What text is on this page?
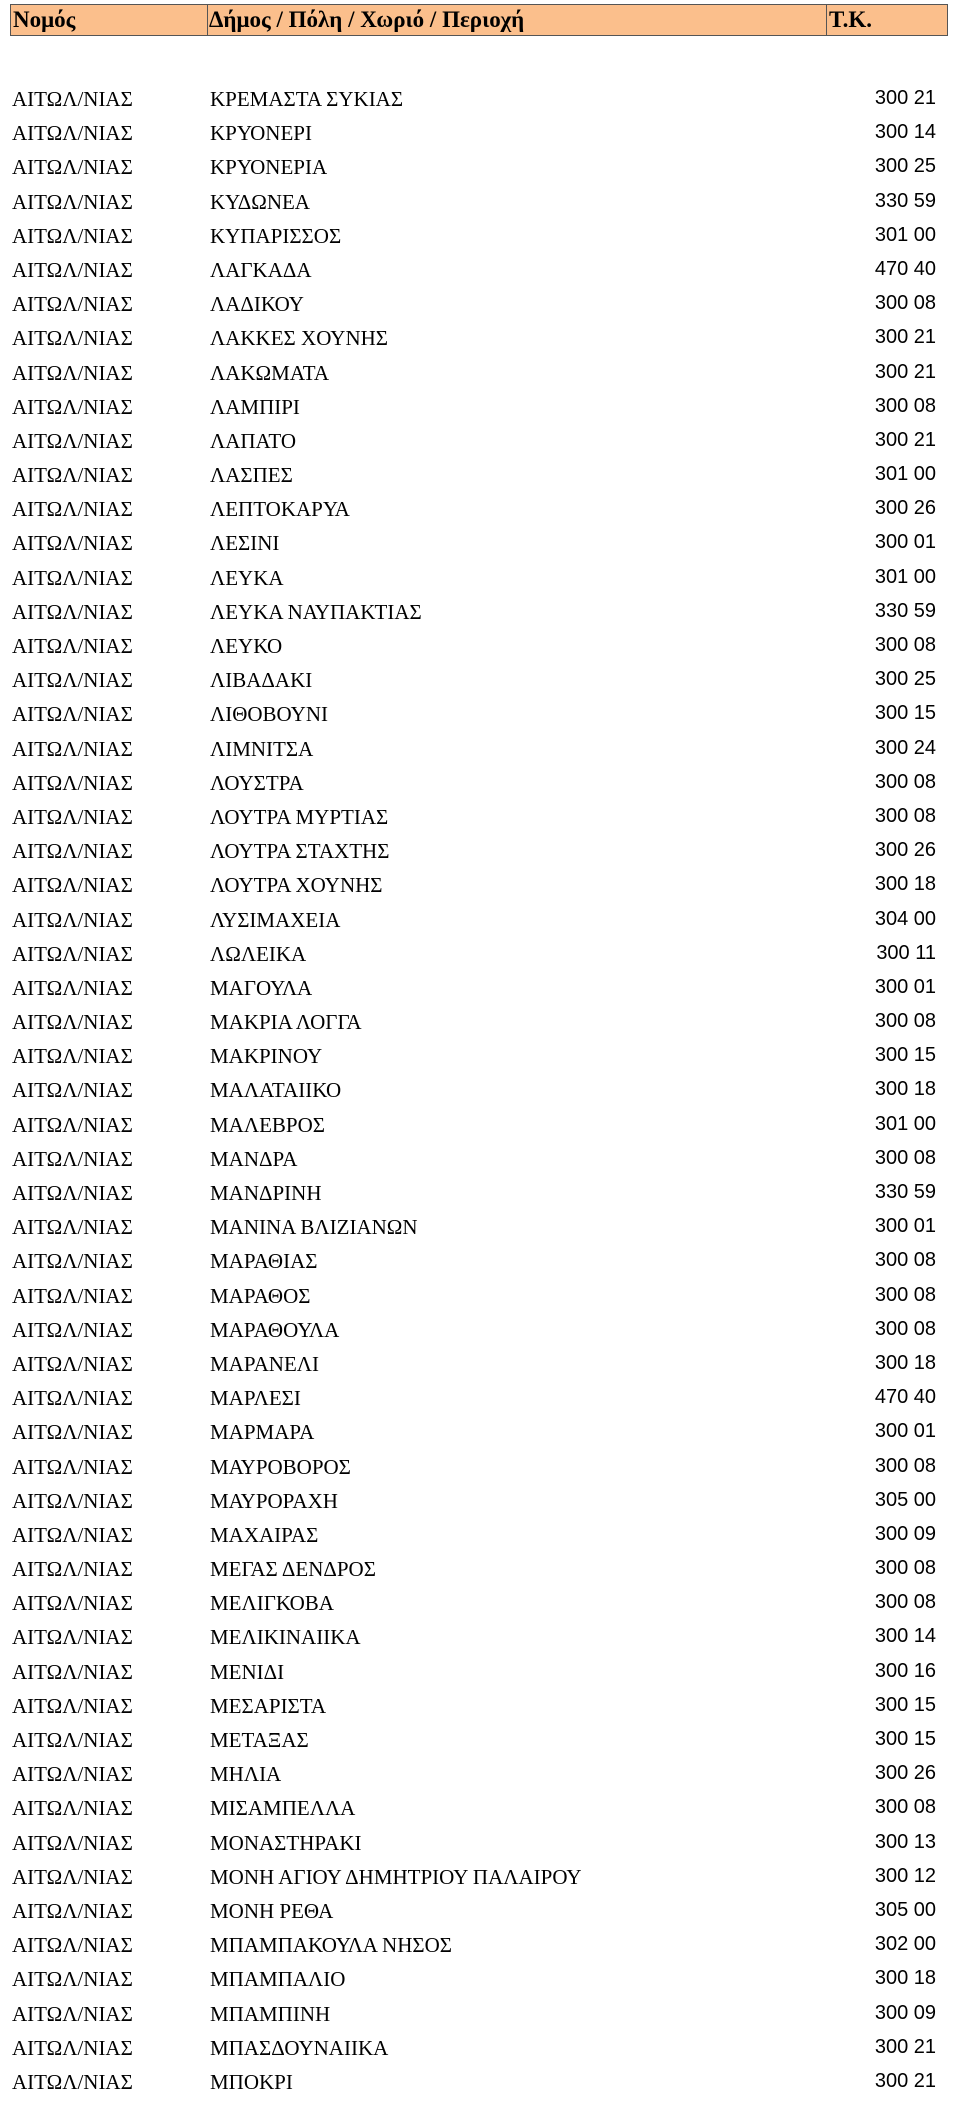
Νομός	Δήμος / Πόλη / Χωριό / Περιοχή	Τ.Κ.
ΑΙΤΩΛ/ΝΙΑΣ	ΚΡΕΜΑΣΤΑ ΣΥΚΙΑΣ	300 21
ΑΙΤΩΛ/ΝΙΑΣ	ΚΡΥΟΝΕΡΙ	300 14
ΑΙΤΩΛ/ΝΙΑΣ	ΚΡΥΟΝΕΡΙΑ	300 25
ΑΙΤΩΛ/ΝΙΑΣ	ΚΥΔΩΝΕΑ	330 59
ΑΙΤΩΛ/ΝΙΑΣ	ΚΥΠΑΡΙΣΣΟΣ	301 00
ΑΙΤΩΛ/ΝΙΑΣ	ΛΑΓΚΑΔΑ	470 40
ΑΙΤΩΛ/ΝΙΑΣ	ΛΑΔΙΚΟΥ	300 08
ΑΙΤΩΛ/ΝΙΑΣ	ΛΑΚΚΕΣ ΧΟΥΝΗΣ	300 21
ΑΙΤΩΛ/ΝΙΑΣ	ΛΑΚΩΜΑΤΑ	300 21
ΑΙΤΩΛ/ΝΙΑΣ	ΛΑΜΠΙΡΙ	300 08
ΑΙΤΩΛ/ΝΙΑΣ	ΛΑΠΑΤΟ	300 21
ΑΙΤΩΛ/ΝΙΑΣ	ΛΑΣΠΕΣ	301 00
ΑΙΤΩΛ/ΝΙΑΣ	ΛΕΠΤΟΚΑΡΥΑ	300 26
ΑΙΤΩΛ/ΝΙΑΣ	ΛΕΣΙΝΙ	300 01
ΑΙΤΩΛ/ΝΙΑΣ	ΛΕΥΚΑ	301 00
ΑΙΤΩΛ/ΝΙΑΣ	ΛΕΥΚΑ ΝΑΥΠΑΚΤΙΑΣ	330 59
ΑΙΤΩΛ/ΝΙΑΣ	ΛΕΥΚΟ	300 08
ΑΙΤΩΛ/ΝΙΑΣ	ΛΙΒΑΔΑΚΙ	300 25
ΑΙΤΩΛ/ΝΙΑΣ	ΛΙΘΟΒΟΥΝΙ	300 15
ΑΙΤΩΛ/ΝΙΑΣ	ΛΙΜΝΙΤΣΑ	300 24
ΑΙΤΩΛ/ΝΙΑΣ	ΛΟΥΣΤΡΑ	300 08
ΑΙΤΩΛ/ΝΙΑΣ	ΛΟΥΤΡΑ ΜΥΡΤΙΑΣ	300 08
ΑΙΤΩΛ/ΝΙΑΣ	ΛΟΥΤΡΑ ΣΤΑΧΤΗΣ	300 26
ΑΙΤΩΛ/ΝΙΑΣ	ΛΟΥΤΡΑ ΧΟΥΝΗΣ	300 18
ΑΙΤΩΛ/ΝΙΑΣ	ΛΥΣΙΜΑΧΕΙΑ	304 00
ΑΙΤΩΛ/ΝΙΑΣ	ΛΩΛΕΙΚΑ	300 11
ΑΙΤΩΛ/ΝΙΑΣ	ΜΑΓΟΥΛΑ	300 01
ΑΙΤΩΛ/ΝΙΑΣ	ΜΑΚΡΙΑ ΛΟΓΓΑ	300 08
ΑΙΤΩΛ/ΝΙΑΣ	ΜΑΚΡΙΝΟΥ	300 15
ΑΙΤΩΛ/ΝΙΑΣ	ΜΑΛΑΤΑΙΙΚΟ	300 18
ΑΙΤΩΛ/ΝΙΑΣ	ΜΑΛΕΒΡΟΣ	301 00
ΑΙΤΩΛ/ΝΙΑΣ	ΜΑΝΔΡΑ	300 08
ΑΙΤΩΛ/ΝΙΑΣ	ΜΑΝΔΡΙΝΗ	330 59
ΑΙΤΩΛ/ΝΙΑΣ	ΜΑΝΙΝΑ ΒΛΙΖΙΑΝΩΝ	300 01
ΑΙΤΩΛ/ΝΙΑΣ	ΜΑΡΑΘΙΑΣ	300 08
ΑΙΤΩΛ/ΝΙΑΣ	ΜΑΡΑΘΟΣ	300 08
ΑΙΤΩΛ/ΝΙΑΣ	ΜΑΡΑΘΟΥΛΑ	300 08
ΑΙΤΩΛ/ΝΙΑΣ	ΜΑΡΑΝΕΛΙ	300 18
ΑΙΤΩΛ/ΝΙΑΣ	ΜΑΡΛΕΣΙ	470 40
ΑΙΤΩΛ/ΝΙΑΣ	ΜΑΡΜΑΡΑ	300 01
ΑΙΤΩΛ/ΝΙΑΣ	ΜΑΥΡΟΒΟΡΟΣ	300 08
ΑΙΤΩΛ/ΝΙΑΣ	ΜΑΥΡΟΡΑΧΗ	305 00
ΑΙΤΩΛ/ΝΙΑΣ	ΜΑΧΑΙΡΑΣ	300 09
ΑΙΤΩΛ/ΝΙΑΣ	ΜΕΓΑΣ ΔΕΝΔΡΟΣ	300 08
ΑΙΤΩΛ/ΝΙΑΣ	ΜΕΛΙΓΚΟΒΑ	300 08
ΑΙΤΩΛ/ΝΙΑΣ	ΜΕΛΙΚΙΝΑΙΙΚΑ	300 14
ΑΙΤΩΛ/ΝΙΑΣ	ΜΕΝΙΔΙ	300 16
ΑΙΤΩΛ/ΝΙΑΣ	ΜΕΣΑΡΙΣΤΑ	300 15
ΑΙΤΩΛ/ΝΙΑΣ	ΜΕΤΑΞΑΣ	300 15
ΑΙΤΩΛ/ΝΙΑΣ	ΜΗΛΙΑ	300 26
ΑΙΤΩΛ/ΝΙΑΣ	ΜΙΣΑΜΠΕΛΛΑ	300 08
ΑΙΤΩΛ/ΝΙΑΣ	ΜΟΝΑΣΤΗΡΑΚΙ	300 13
ΑΙΤΩΛ/ΝΙΑΣ	ΜΟΝΗ ΑΓΙΟΥ ΔΗΜΗΤΡΙΟΥ ΠΑΛΑΙΡΟΥ	300 12
ΑΙΤΩΛ/ΝΙΑΣ	ΜΟΝΗ ΡΕΘΑ	305 00
ΑΙΤΩΛ/ΝΙΑΣ	ΜΠΑΜΠΑΚΟΥΛΑ ΝΗΣΟΣ	302 00
ΑΙΤΩΛ/ΝΙΑΣ	ΜΠΑΜΠΑΛΙΟ	300 18
ΑΙΤΩΛ/ΝΙΑΣ	ΜΠΑΜΠΙΝΗ	300 09
ΑΙΤΩΛ/ΝΙΑΣ	ΜΠΑΣΔΟΥΝΑΙΙΚΑ	300 21
ΑΙΤΩΛ/ΝΙΑΣ	ΜΠΟΚΡΙ	300 21
